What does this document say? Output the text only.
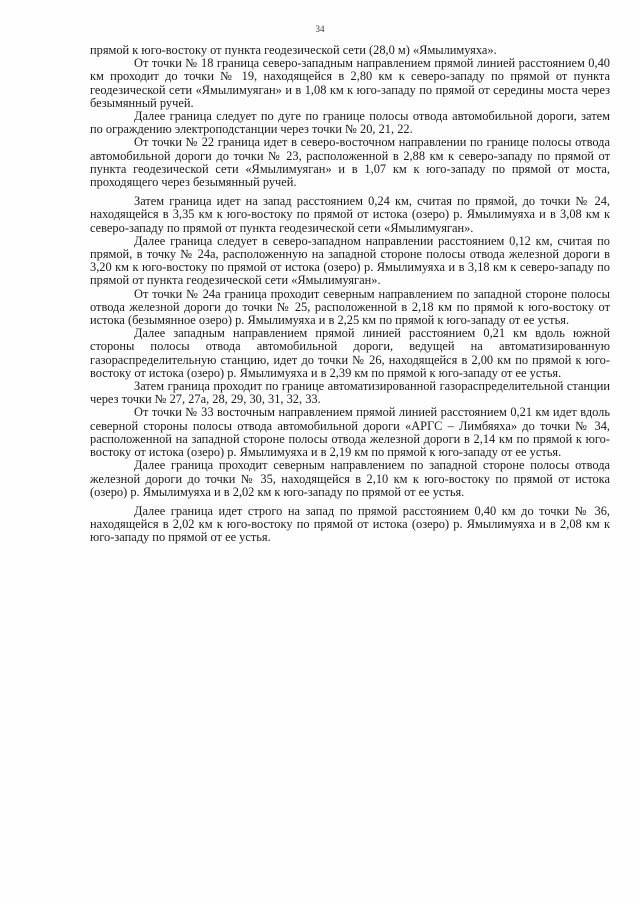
34

прямой к юго-востоку от пункта геодезической сети (28,0 м) «Ямылимуяха».

От точки № 18 граница северо-западным направлением прямой линией расстоянием 0,40 км проходит до точки № 19, находящейся в 2,80 км к северо-западу по прямой от пункта геодезической сети «Ямылимуяган» и в 1,08 км к юго-западу по прямой от середины моста через безымянный ручей.

Далее граница следует по дуге по границе полосы отвода автомобильной дороги, затем по ограждению электроподстанции через точки № 20, 21, 22.

От точки № 22 граница идет в северо-восточном направлении по границе полосы отвода автомобильной дороги до точки № 23, расположенной в 2,88 км к северо-западу по прямой от пункта геодезической сети «Ямылимуяган» и в 1,07 км к юго-западу по прямой от моста, проходящего через безымянный ручей.

Затем граница идет на запад расстоянием 0,24 км, считая по прямой, до точки № 24, находящейся в 3,35 км к юго-востоку по прямой от истока (озеро) р. Ямылимуяха и в 3,08 км к северо-западу по прямой от пункта геодезической сети «Ямылимуяган».

Далее граница следует в северо-западном направлении расстоянием 0,12 км, считая по прямой, в точку № 24а, расположенную на западной стороне полосы отвода железной дороги в 3,20 км к юго-востоку по прямой от истока (озеро) р. Ямылимуяха и в 3,18 км к северо-западу по прямой от пункта геодезической сети «Ямылимуяган».

От точки № 24а граница проходит северным направлением по западной стороне полосы отвода железной дороги до точки № 25, расположенной в 2,18 км по прямой к юго-востоку от истока (безымянное озеро) р. Ямылимуяха и в 2,25 км по прямой к юго-западу от ее устья.

Далее западным направлением прямой линией расстоянием 0,21 км вдоль южной стороны полосы отвода автомобильной дороги, ведущей на автоматизированную газораспределительную станцию, идет до точки № 26, находящейся в 2,00 км по прямой к юго-востоку от истока (озеро) р. Ямылимуяха и в 2,39 км по прямой к юго-западу от ее устья.

Затем граница проходит по границе автоматизированной газораспределительной станции через точки № 27, 27а, 28, 29, 30, 31, 32, 33.

От точки № 33 восточным направлением прямой линией расстоянием 0,21 км идет вдоль северной стороны полосы отвода автомобильной дороги «АРГС – Лимбяяха» до точки № 34, расположенной на западной стороне полосы отвода железной дороги в 2,14 км по прямой к юго-востоку от истока (озеро) р. Ямылимуяха и в 2,19 км по прямой к юго-западу от ее устья.

Далее граница проходит северным направлением по западной стороне полосы отвода железной дороги до точки № 35, находящейся в 2,10 км к юго-востоку по прямой от истока (озеро) р. Ямылимуяха и в 2,02 км к юго-западу по прямой от ее устья.

Далее граница идет строго на запад по прямой расстоянием 0,40 км до точки № 36, находящейся в 2,02 км к юго-востоку по прямой от истока (озеро) р. Ямылимуяха и в 2,08 км к юго-западу по прямой от ее устья.
